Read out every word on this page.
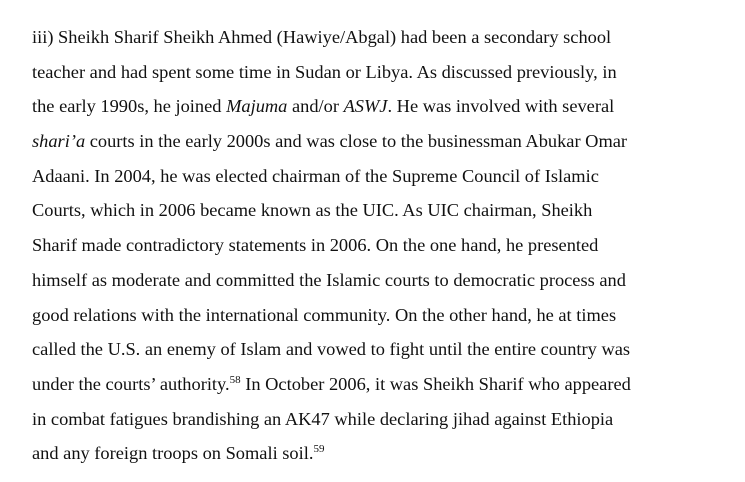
iii) Sheikh Sharif Sheikh Ahmed (Hawiye/Abgal) had been a secondary school
teacher and had spent some time in Sudan or Libya. As discussed previously, in
the early 1990s, he joined Majuma and/or ASWJ. He was involved with several
shari’a courts in the early 2000s and was close to the businessman Abukar Omar
Adaani. In 2004, he was elected chairman of the Supreme Council of Islamic
Courts, which in 2006 became known as the UIC. As UIC chairman, Sheikh
Sharif made contradictory statements in 2006. On the one hand, he presented
himself as moderate and committed the Islamic courts to democratic process and
good relations with the international community. On the other hand, he at times
called the U.S. an enemy of Islam and vowed to fight until the entire country was
under the courts’ authority.$^{58}$ In October 2006, it was Sheikh Sharif who appeared
in combat fatigues brandishing an AK47 while declaring jihad against Ethiopia
and any foreign troops on Somali soil.$^{59}$
